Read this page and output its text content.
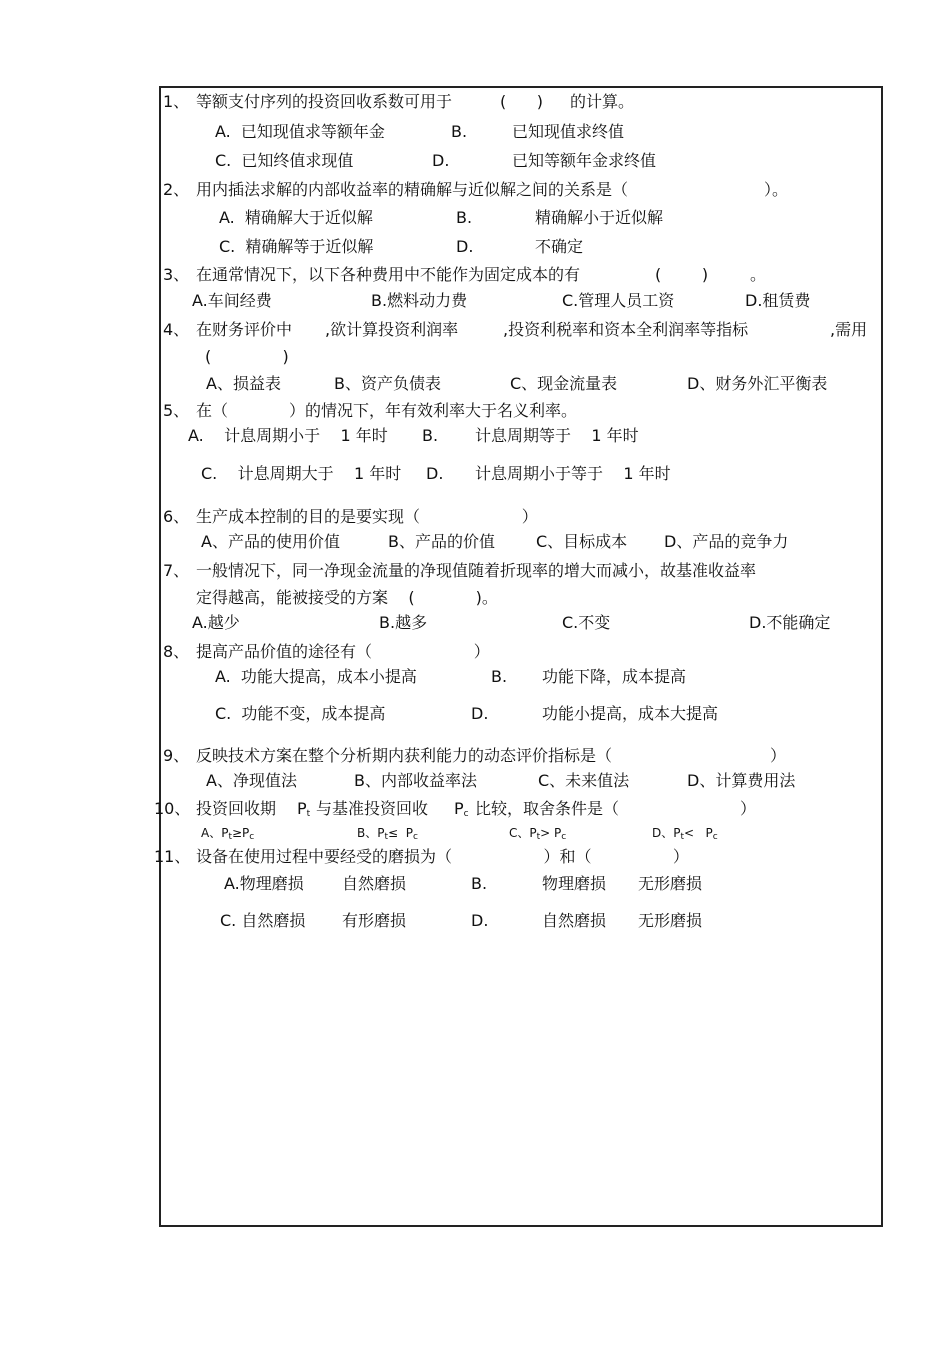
1、 等额支付序列的投资回收系数可用于	(      ) 的计算。
A.  已知现值求等额年金	B.	已知现值求终值
C.  已知终值求现值	D.	已知等额年金求终值
2、 用内插法求解的内部收益率的精确解与近似解之间的关系是（	）。
A.  精确解大于近似解	B.	精确解小于近似解
C.  精确解等于近似解	D.	不确定
3、 在通常情况下，以下各种费用中不能作为固定成本的有	(        )	。
A.车间经费	B.燃料动力费	C.管理人员工资	D.租赁费
4、 在财务评价中 ,欲计算投资利润率	,投资利税率和资本全利润率等指标	,需用
(              )
A、损益表	B、资产负债表	C、现金流量表	D、财务外汇平衡表
5、 在（            ）的情况下，年有效利率大于名义利率。
A.    计息周期小于    1 年时 B. 计息周期等于    1 年时
C.    计息周期大于    1 年时 D. 计息周期小于等于    1 年时
6、 生产成本控制的目的是要实现（                    ）
A、产品的使用价值	B、产品的价值	C、目标成本 D、产品的竞争力
7、 一般情况下，同一净现金流量的净现值随着折现率的增大而减小，故基准收益率
定得越高，能被接受的方案    (            )。
A.越少	B.越多	C.不变	D.不能确定
8、 提高产品价值的途径有（                    ）
A.  功能大提高，成本小提高	B. 功能下降，成本提高
C.  功能不变，成本提高	D.	功能小提高，成本大提高
9、 反映技术方案在整个分析期内获利能力的动态评价指标是（	）
A、净现值法	B、内部收益率法	C、未来值法	D、计算费用法
10、 投资回收期 $P_t$ 与基准投资回收 $P_c$ 比较，取舍条件是（	）
A、$P_t\ge P_c$	B、$P_t\le P_c$	C、$P_t> P_c$	D、$P_t< P_c$
11、 设备在使用过程中要经受的磨损为（                  ）和（                ）
A.物理磨损 自然磨损	B.	物理磨损 无形磨损
C. 自然磨损 有形磨损	D.	自然磨损 无形磨损
